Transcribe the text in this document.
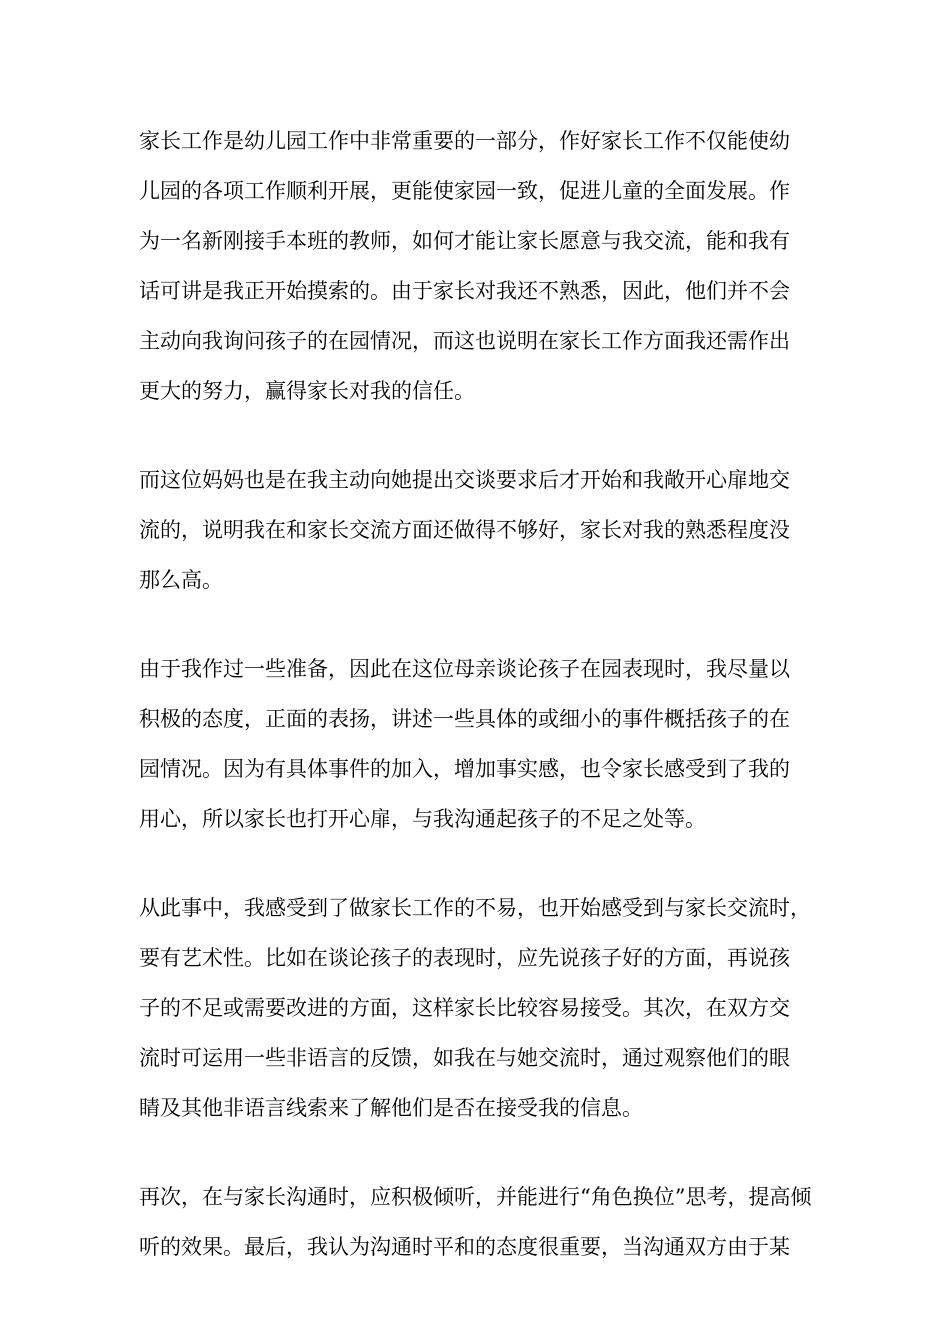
家长工作是幼儿园工作中非常重要的一部分，作好家长工作不仅能使幼
儿园的各项工作顺利开展，更能使家园一致，促进儿童的全面发展。作
为一名新刚接手本班的教师，如何才能让家长愿意与我交流，能和我有
话可讲是我正开始摸索的。由于家长对我还不熟悉，因此，他们并不会
主动向我询问孩子的在园情况，而这也说明在家长工作方面我还需作出
更大的努力，赢得家长对我的信任。
而这位妈妈也是在我主动向她提出交谈要求后才开始和我敞开心扉地交
流的，说明我在和家长交流方面还做得不够好，家长对我的熟悉程度没
那么高。
由于我作过一些准备，因此在这位母亲谈论孩子在园表现时，我尽量以
积极的态度，正面的表扬，讲述一些具体的或细小的事件概括孩子的在
园情况。因为有具体事件的加入，增加事实感，也令家长感受到了我的
用心，所以家长也打开心扉，与我沟通起孩子的不足之处等。
从此事中，我感受到了做家长工作的不易，也开始感受到与家长交流时，
要有艺术性。比如在谈论孩子的表现时，应先说孩子好的方面，再说孩
子的不足或需要改进的方面，这样家长比较容易接受。其次，在双方交
流时可运用一些非语言的反馈，如我在与她交流时，通过观察他们的眼
睛及其他非语言线索来了解他们是否在接受我的信息。
再次，在与家长沟通时，应积极倾听，并能进行“角色换位”思考，提高倾
听的效果。最后，我认为沟通时平和的态度很重要，当沟通双方由于某
